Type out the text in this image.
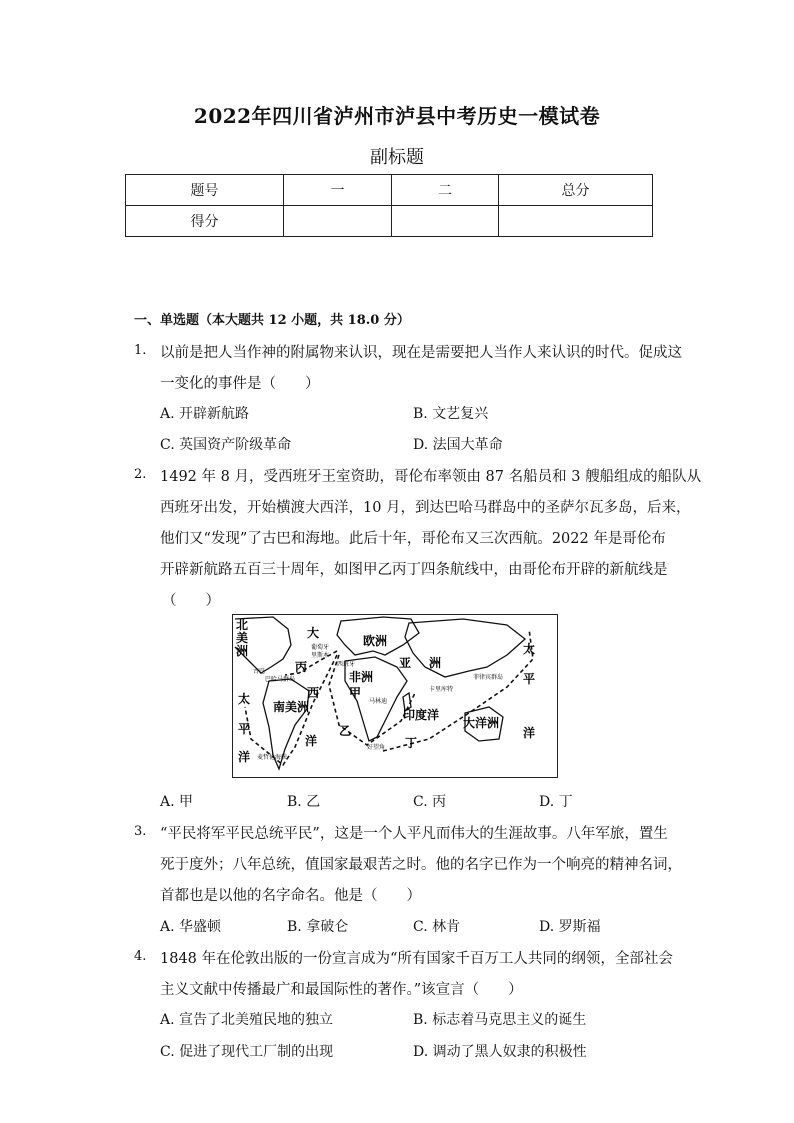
2022年四川省泸州市泸县中考历史一模试卷
副标题
题号	一	二	总分
得分			
一、单选题（本大题共 12 小题，共 18.0 分）
1. 以前是把人当作神的附属物来认识，现在是需要把人当作人来认识的时代。促成这
一变化的事件是（　　）
A. 开辟新航路	B. 文艺复兴
C. 英国资产阶级革命	D. 法国大革命
2. 1492 年 8 月，受西班牙王室资助，哥伦布率领由 87 名船员和 3 艘船组成的船队从
西班牙出发，开始横渡大西洋，10 月，到达巴哈马群岛中的圣萨尔瓦多岛，后来，
他们又“发现”了古巴和海地。此后十年，哥伦布又三次西航。2022 年是哥伦布
开辟新航路五百三十周年，如图甲乙丙丁四条航线中，由哥伦布开辟的新航线是
（　　）
北
美
洲
大
西
洋
太
平
洋
太
平
洋
欧洲
非洲
亚 洲
南美洲
印度洋
大洋洲
甲
乙
丙
丁
葡萄牙
里斯本
西班牙
古巴
巴哈马群岛
马林迪
卡里库特
菲律宾群岛
好望角
麦哲伦海峡
A. 甲	B. 乙	C. 丙	D. 丁
3. “平民将军平民总统平民”，这是一个人平凡而伟大的生涯故事。八年军旅，置生
死于度外；八年总统，值国家最艰苦之时。他的名字已作为一个响亮的精神名词，
首都也是以他的名字命名。他是（　　）
A. 华盛顿	B. 拿破仑	C. 林肯	D. 罗斯福
4. 1848 年在伦敦出版的一份宣言成为“所有国家千百万工人共同的纲领，全部社会
主义文献中传播最广和最国际性的著作。”该宣言（　　）
A. 宣告了北美殖民地的独立	B. 标志着马克思主义的诞生
C. 促进了现代工厂制的出现	D. 调动了黑人奴隶的积极性
